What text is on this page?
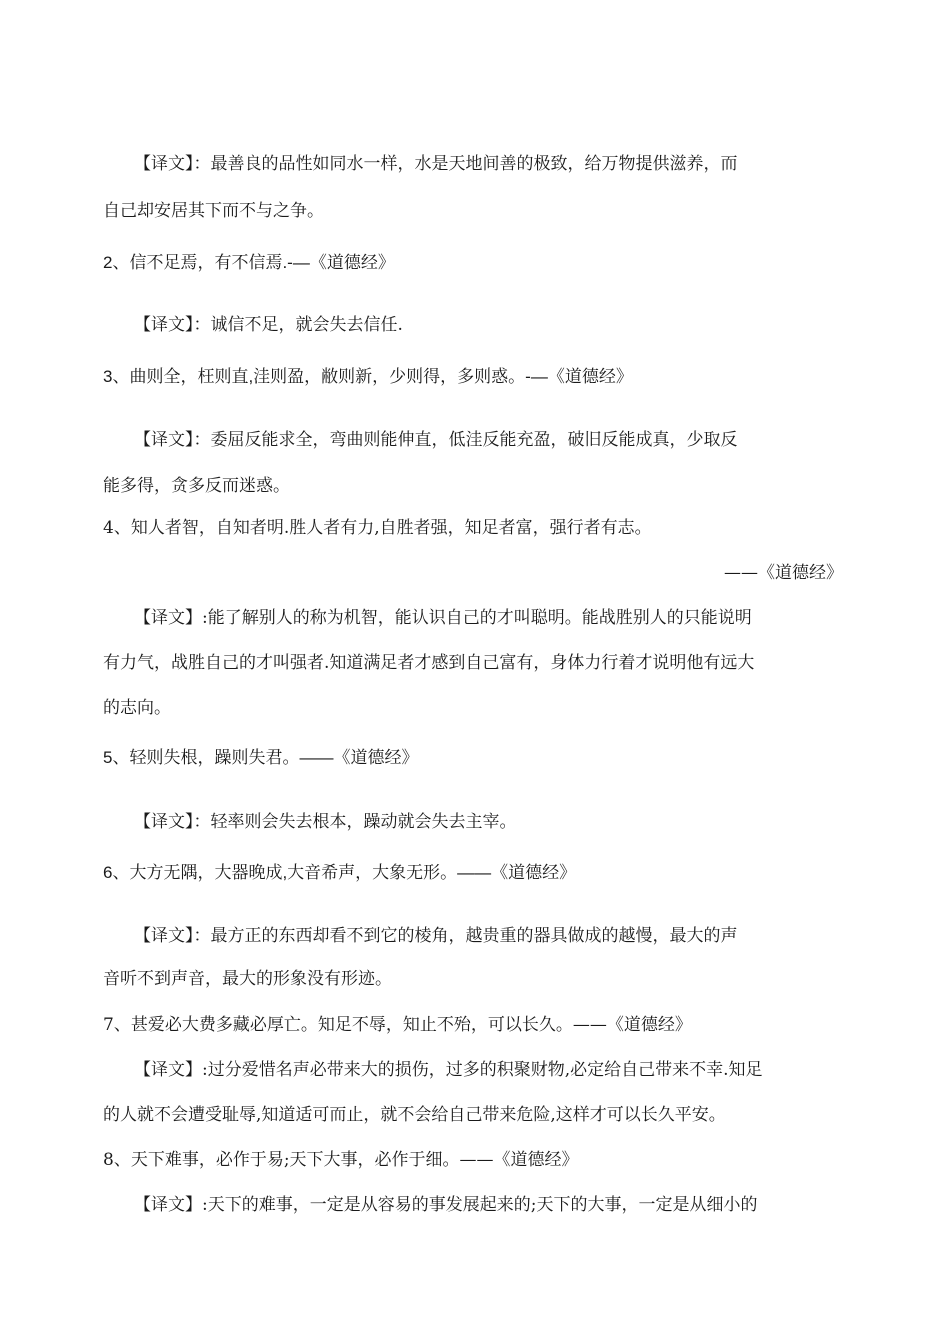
【译文】：最善良的品性如同水一样，水是天地间善的极致，给万物提供滋养，而
自己却安居其下而不与之争。
2、信不足焉，有不信焉.-—《道德经》
【译文】：诚信不足，就会失去信任.
3、曲则全，枉则直,洼则盈，敝则新，少则得，多则惑。-—《道德经》
【译文】：委屈反能求全，弯曲则能伸直，低洼反能充盈，破旧反能成真，少取反
能多得，贪多反而迷惑。
4、知人者智，自知者明.胜人者有力,自胜者强，知足者富，强行者有志。
——《道德经》
【译文】:能了解别人的称为机智，能认识自己的才叫聪明。能战胜别人的只能说明
有力气，战胜自己的才叫强者.知道满足者才感到自己富有，身体力行着才说明他有远大
的志向。
5、轻则失根，躁则失君。——《道德经》
【译文】：轻率则会失去根本，躁动就会失去主宰。
6、大方无隅，大器晚成,大音希声，大象无形。——《道德经》
【译文】：最方正的东西却看不到它的棱角，越贵重的器具做成的越慢，最大的声
音听不到声音，最大的形象没有形迹。
7、甚爱必大费多藏必厚亡。知足不辱，知止不殆，可以长久。——《道德经》
【译文】:过分爱惜名声必带来大的损伤，过多的积聚财物,必定给自己带来不幸.知足
的人就不会遭受耻辱,知道适可而止，就不会给自己带来危险,这样才可以长久平安。
8、天下难事，必作于易;天下大事，必作于细。——《道德经》
【译文】:天下的难事，一定是从容易的事发展起来的;天下的大事，一定是从细小的
